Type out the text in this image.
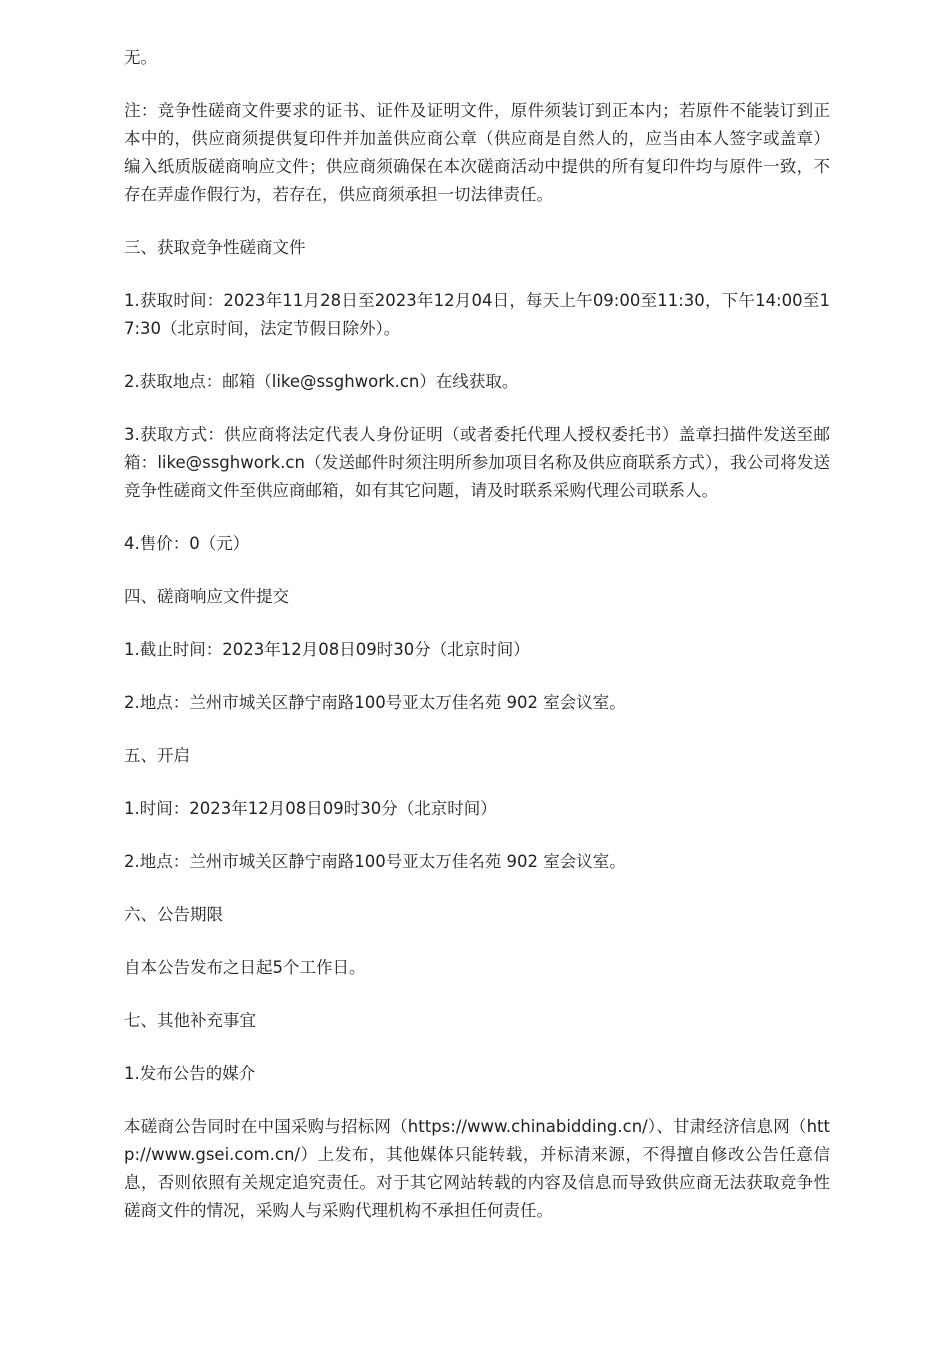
无。

注：竞争性磋商文件要求的证书、证件及证明文件，原件须装订到正本内；若原件不能装订到正本中的，供应商须提供复印件并加盖供应商公章（供应商是自然人的，应当由本人签字或盖章）编入纸质版磋商响应文件；供应商须确保在本次磋商活动中提供的所有复印件均与原件一致，不存在弄虚作假行为，若存在，供应商须承担一切法律责任。

三、获取竞争性磋商文件

1.获取时间：2023年11月28日至2023年12月04日，每天上午09:00至11:30，下午14:00至17:30（北京时间，法定节假日除外）。

2.获取地点：邮箱（like@ssghwork.cn）在线获取。

3.获取方式：供应商将法定代表人身份证明（或者委托代理人授权委托书）盖章扫描件发送至邮箱：like@ssghwork.cn（发送邮件时须注明所参加项目名称及供应商联系方式），我公司将发送竞争性磋商文件至供应商邮箱，如有其它问题，请及时联系采购代理公司联系人。

4.售价：0（元）

四、磋商响应文件提交

1.截止时间：2023年12月08日09时30分（北京时间）

2.地点：兰州市城关区静宁南路100号亚太万佳名苑 902 室会议室。

五、开启

1.时间：2023年12月08日09时30分（北京时间）

2.地点：兰州市城关区静宁南路100号亚太万佳名苑 902 室会议室。

六、公告期限

自本公告发布之日起5个工作日。

七、其他补充事宜

1.发布公告的媒介

本磋商公告同时在中国采购与招标网（https://www.chinabidding.cn/）、甘肃经济信息网（http://www.gsei.com.cn/）上发布，其他媒体只能转载，并标清来源，不得擅自修改公告任意信息，否则依照有关规定追究责任。对于其它网站转载的内容及信息而导致供应商无法获取竞争性磋商文件的情况，采购人与采购代理机构不承担任何责任。
